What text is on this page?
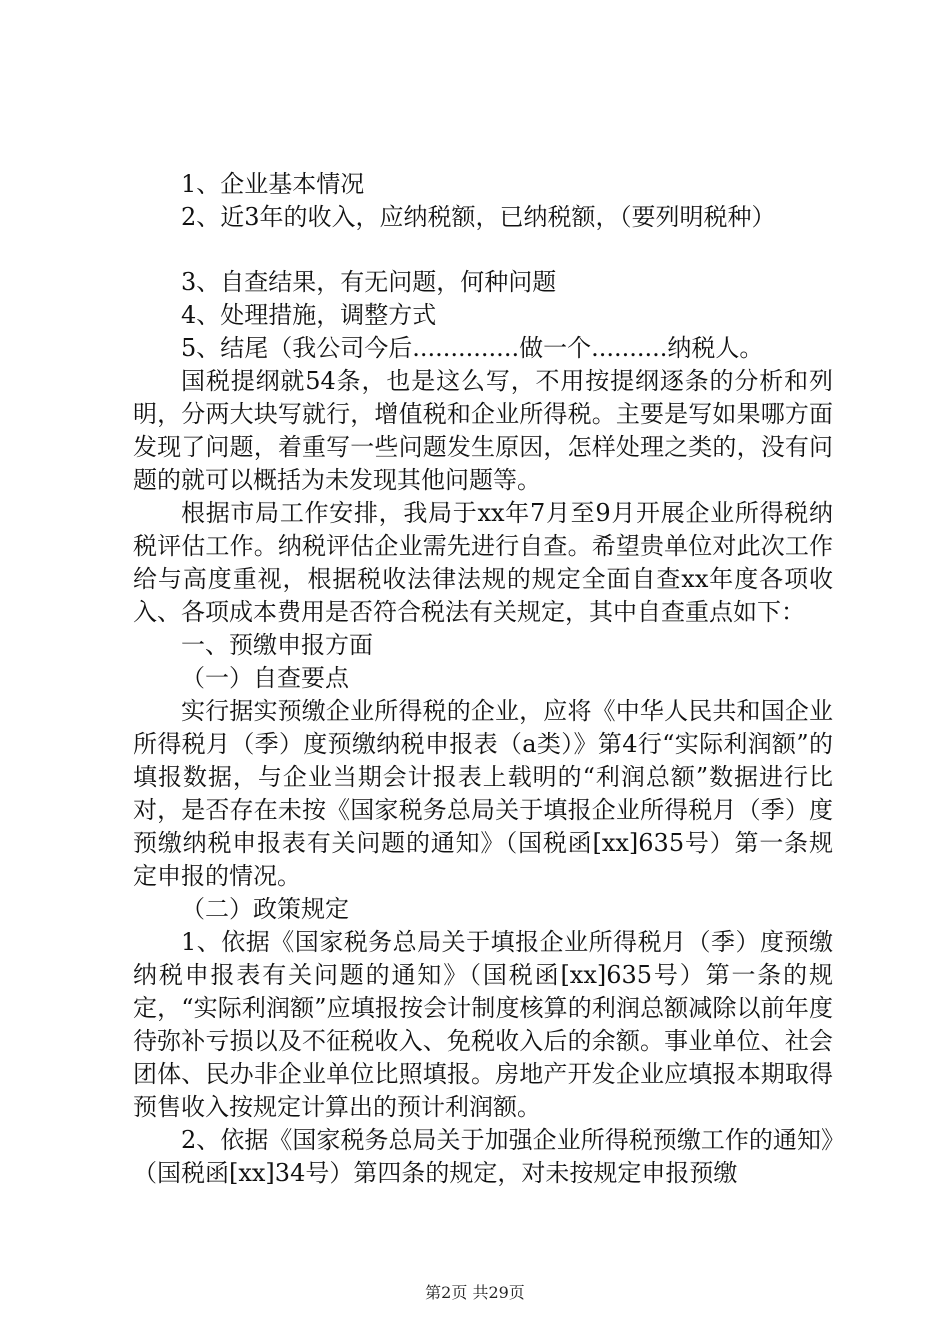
1、企业基本情况

2、近3年的收入，应纳税额，已纳税额，（要列明税种）

3、自查结果，有无问题，何种问题

4、处理措施，调整方式

5、结尾（我公司今后..............做一个..........纳税人。

国税提纲就54条，也是这么写，不用按提纲逐条的分析和列明，分两大块写就行，增值税和企业所得税。主要是写如果哪方面发现了问题，着重写一些问题发生原因，怎样处理之类的，没有问题的就可以概括为未发现其他问题等。

根据市局工作安排，我局于xx年7月至9月开展企业所得税纳税评估工作。纳税评估企业需先进行自查。希望贵单位对此次工作给与高度重视，根据税收法律法规的规定全面自查xx年度各项收入、各项成本费用是否符合税法有关规定，其中自查重点如下：

一、预缴申报方面

（一）自查要点

实行据实预缴企业所得税的企业，应将《中华人民共和国企业所得税月（季）度预缴纳税申报表（a类）》第4行“实际利润额”的填报数据，与企业当期会计报表上载明的“利润总额”数据进行比对，是否存在未按《国家税务总局关于填报企业所得税月（季）度预缴纳税申报表有关问题的通知》（国税函[xx]635号）第一条规定申报的情况。

（二）政策规定

1、依据《国家税务总局关于填报企业所得税月（季）度预缴纳税申报表有关问题的通知》（国税函[xx]635号）第一条的规定，“实际利润额”应填报按会计制度核算的利润总额减除以前年度待弥补亏损以及不征税收入、免税收入后的余额。事业单位、社会团体、民办非企业单位比照填报。房地产开发企业应填报本期取得预售收入按规定计算出的预计利润额。

2、依据《国家税务总局关于加强企业所得税预缴工作的通知》（国税函[xx]34号）第四条的规定，对未按规定申报预缴

第2页 共29页
